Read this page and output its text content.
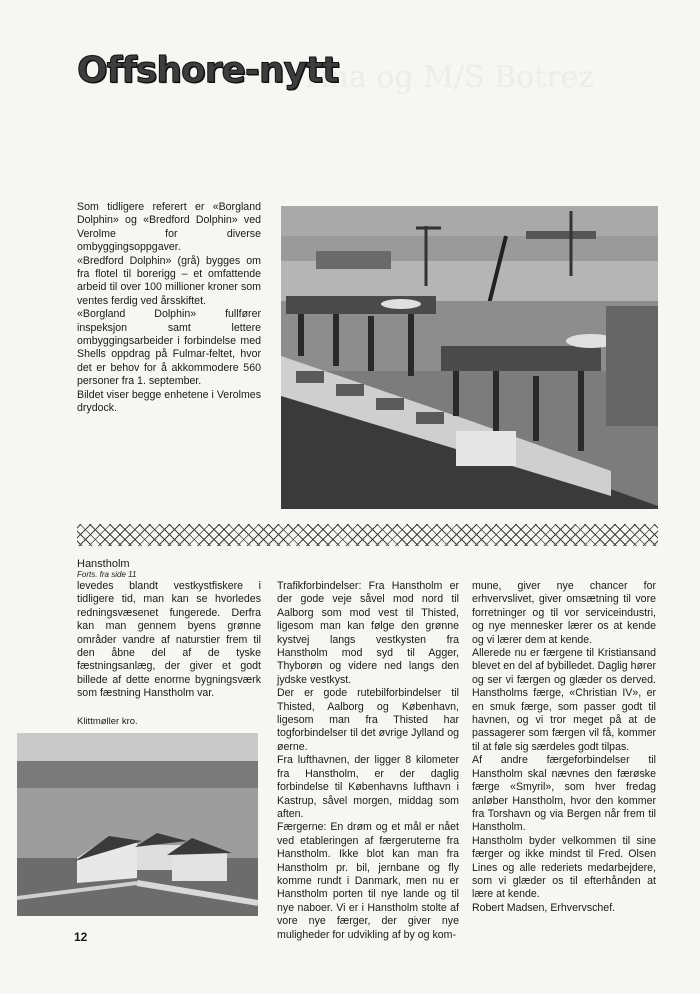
Tina og M/S Botrez
Offshore-nytt

Som tidligere referert er «Borgland Dolphin» og «Bredford Dolphin» ved Verolme for diverse ombyggingsoppgaver.

«Bredford Dolphin» (grå) bygges om fra flotel til borerigg – et omfattende arbeid til over 100 millioner kroner som ventes ferdig ved årsskiftet.

«Borgland Dolphin» fullfører inspeksjon samt lettere ombyggingsarbeider i forbindelse med Shells oppdrag på Fulmar-feltet, hvor det er behov for å akkommodere 560 personer fra 1. september.

Bildet viser begge enhetene i Verolmes drydock.

Hanstholm
Forts. fra side 11

levedes blandt vestkystfiskere i tidligere tid, man kan se hvorledes redningsvæsenet fungerede. Derfra kan man gennem byens grønne områder vandre af naturstier frem til den åbne del af de tyske fæstningsanlæg, der giver et godt billede af dette enorme bygningsværk som fæstning Hanstholm var.

Klittmøller kro.

Trafikforbindelser: Fra Hanstholm er der gode veje såvel mod nord til Aalborg som mod vest til Thisted, ligesom man kan følge den grønne kystvej langs vestkysten fra Hanstholm mod syd til Agger, Thyborøn og videre ned langs den jydske vestkyst.

Der er gode rutebilforbindelser til Thisted, Aalborg og København, ligesom man fra Thisted har togforbindelser til det øvrige Jylland og øerne.

Fra lufthavnen, der ligger 8 kilometer fra Hanstholm, er der daglig forbindelse til Københavns lufthavn i Kastrup, såvel morgen, middag som aften.

Færgerne: En drøm og et mål er nået ved etableringen af færgeruterne fra Hanstholm. Ikke blot kan man fra Hanstholm pr. bil, jernbane og fly komme rundt i Danmark, men nu er Hanstholm porten til nye lande og til nye naboer. Vi er i Hanstholm stolte af vore nye færger, der giver nye muligheder for udvikling af by og kom-

mune, giver nye chancer for erhvervslivet, giver omsætning til vore forretninger og til vor serviceindustri, og nye mennesker lærer os at kende og vi lærer dem at kende.

Allerede nu er færgene til Kristiansand blevet en del af bybilledet. Daglig hører og ser vi færgen og glæder os derved. Hanstholms færge, «Christian IV», er en smuk færge, som passer godt til havnen, og vi tror meget på at de passagerer som færgen vil få, kommer til at føle sig særdeles godt tilpas.

Af andre færgeforbindelser til Hanstholm skal nævnes den færøske færge «Smyril», som hver fredag anløber Hanstholm, hvor den kommer fra Torshavn og via Bergen når frem til Hanstholm.

Hanstholm byder velkommen til sine færger og ikke mindst til Fred. Olsen Lines og alle rederiets medarbejdere, som vi glæder os til efterhånden at lære at kende.

Robert Madsen, Erhvervschef.

12
